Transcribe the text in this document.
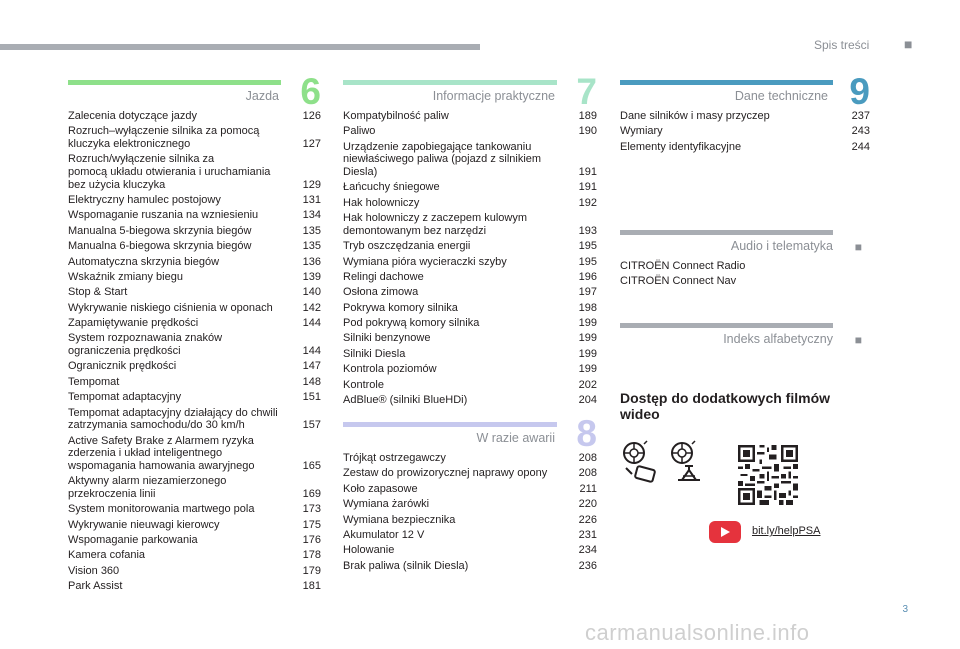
Spis treści ■
Jazda 6
Zalecenia dotyczące jazdy	126
Rozruch–wyłączenie silnika za pomocą
kluczyka elektronicznego	127
Rozruch/wyłączenie silnika za
pomocą układu otwierania i uruchamiania
bez użycia kluczyka	129
Elektryczny hamulec postojowy	131
Wspomaganie ruszania na wzniesieniu	134
Manualna 5-biegowa skrzynia biegów	135
Manualna 6-biegowa skrzynia biegów	135
Automatyczna skrzynia biegów	136
Wskaźnik zmiany biegu	139
Stop & Start	140
Wykrywanie niskiego ciśnienia w oponach	142
Zapamiętywanie prędkości	144
System rozpoznawania znaków
ograniczenia prędkości	144
Ogranicznik prędkości	147
Tempomat	148
Tempomat adaptacyjny	151
Tempomat adaptacyjny działający do chwili
zatrzymania samochodu/do 30 km/h	157
Active Safety Brake z Alarmem ryzyka
zderzenia i układ inteligentnego
wspomagania hamowania awaryjnego	165
Aktywny alarm niezamierzonego
przekroczenia linii	169
System monitorowania martwego pola	173
Wykrywanie nieuwagi kierowcy	175
Wspomaganie parkowania	176
Kamera cofania	178
Vision 360	179
Park Assist	181
Informacje praktyczne 7
Kompatybilność paliw	189
Paliwo	190
Urządzenie zapobiegające tankowaniu
niewłaściwego paliwa (pojazd z silnikiem
Diesla)	191
Łańcuchy śniegowe	191
Hak holowniczy	192
Hak holowniczy z zaczepem kulowym
demontowanym bez narzędzi	193
Tryb oszczędzania energii	195
Wymiana pióra wycieraczki szyby	195
Relingi dachowe	196
Osłona zimowa	197
Pokrywa komory silnika	198
Pod pokrywą komory silnika	199
Silniki benzynowe	199
Silniki Diesla	199
Kontrola poziomów	199
Kontrole	202
AdBlue® (silniki BlueHDi)	204
W razie awarii 8
Trójkąt ostrzegawczy	208
Zestaw do prowizorycznej naprawy opony	208
Koło zapasowe	211
Wymiana żarówki	220
Wymiana bezpiecznika	226
Akumulator 12 V	231
Holowanie	234
Brak paliwa (silnik Diesla)	236
Dane techniczne 9
Dane silników i masy przyczep	237
Wymiary	243
Elementy identyfikacyjne	244
Audio i telematyka ■
CITROËN Connect Radio
CITROËN Connect Nav
Indeks alfabetyczny ■
Dostęp do dodatkowych filmów wideo
bit.ly/helpPSA
3
carmanualsonline.info
